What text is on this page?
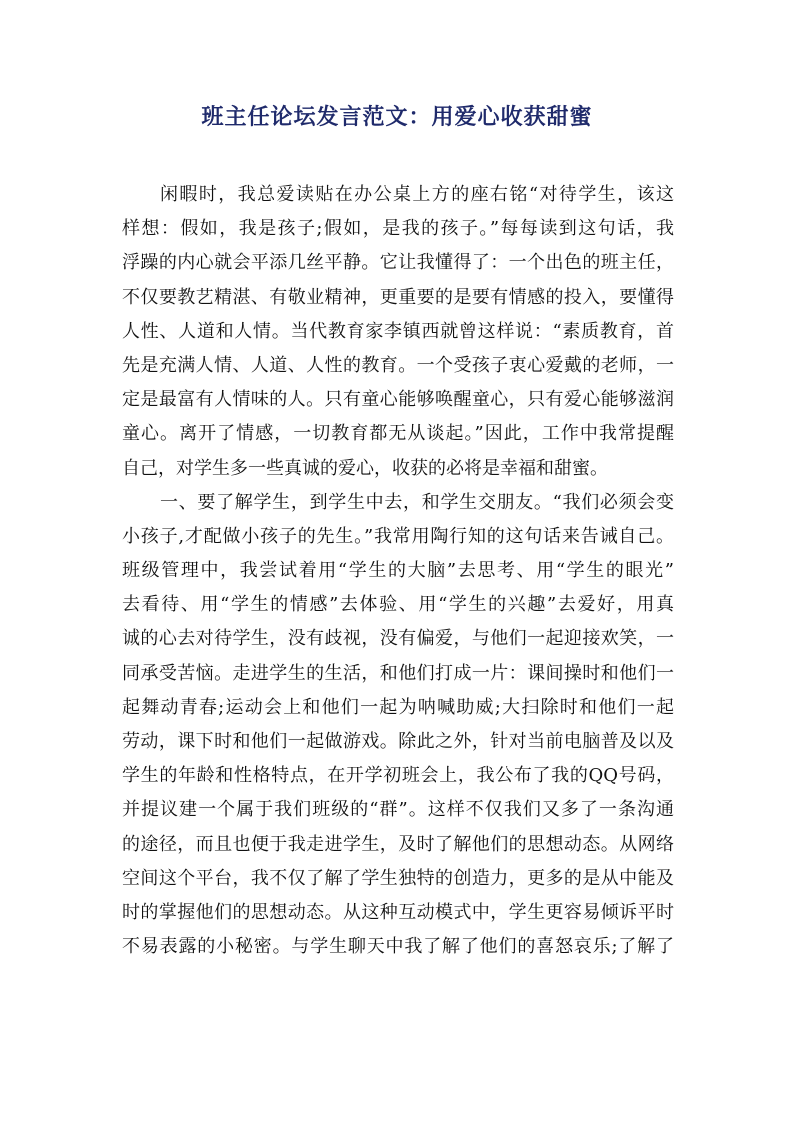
班主任论坛发言范文：用爱心收获甜蜜
闲暇时，我总爱读贴在办公桌上方的座右铭“对待学生，该这
样想：假如，我是孩子;假如，是我的孩子。”每每读到这句话，我
浮躁的内心就会平添几丝平静。它让我懂得了：一个出色的班主任，
不仅要教艺精湛、有敬业精神，更重要的是要有情感的投入，要懂得
人性、人道和人情。当代教育家李镇西就曾这样说：“素质教育，首
先是充满人情、人道、人性的教育。一个受孩子衷心爱戴的老师，一
定是最富有人情味的人。只有童心能够唤醒童心，只有爱心能够滋润
童心。离开了情感，一切教育都无从谈起。”因此，工作中我常提醒
自己，对学生多一些真诚的爱心，收获的必将是幸福和甜蜜。
一、要了解学生，到学生中去，和学生交朋友。“我们必须会变
小孩子,才配做小孩子的先生。”我常用陶行知的这句话来告诫自己。
班级管理中，我尝试着用“学生的大脑”去思考、用“学生的眼光”
去看待、用“学生的情感”去体验、用“学生的兴趣”去爱好，用真
诚的心去对待学生，没有歧视，没有偏爱，与他们一起迎接欢笑，一
同承受苦恼。走进学生的生活，和他们打成一片：课间操时和他们一
起舞动青春;运动会上和他们一起为呐喊助威;大扫除时和他们一起
劳动，课下时和他们一起做游戏。除此之外，针对当前电脑普及以及
学生的年龄和性格特点，在开学初班会上，我公布了我的QQ号码，
并提议建一个属于我们班级的“群”。这样不仅我们又多了一条沟通
的途径，而且也便于我走进学生，及时了解他们的思想动态。从网络
空间这个平台，我不仅了解了学生独特的创造力，更多的是从中能及
时的掌握他们的思想动态。从这种互动模式中，学生更容易倾诉平时
不易表露的小秘密。与学生聊天中我了解了他们的喜怒哀乐;了解了
